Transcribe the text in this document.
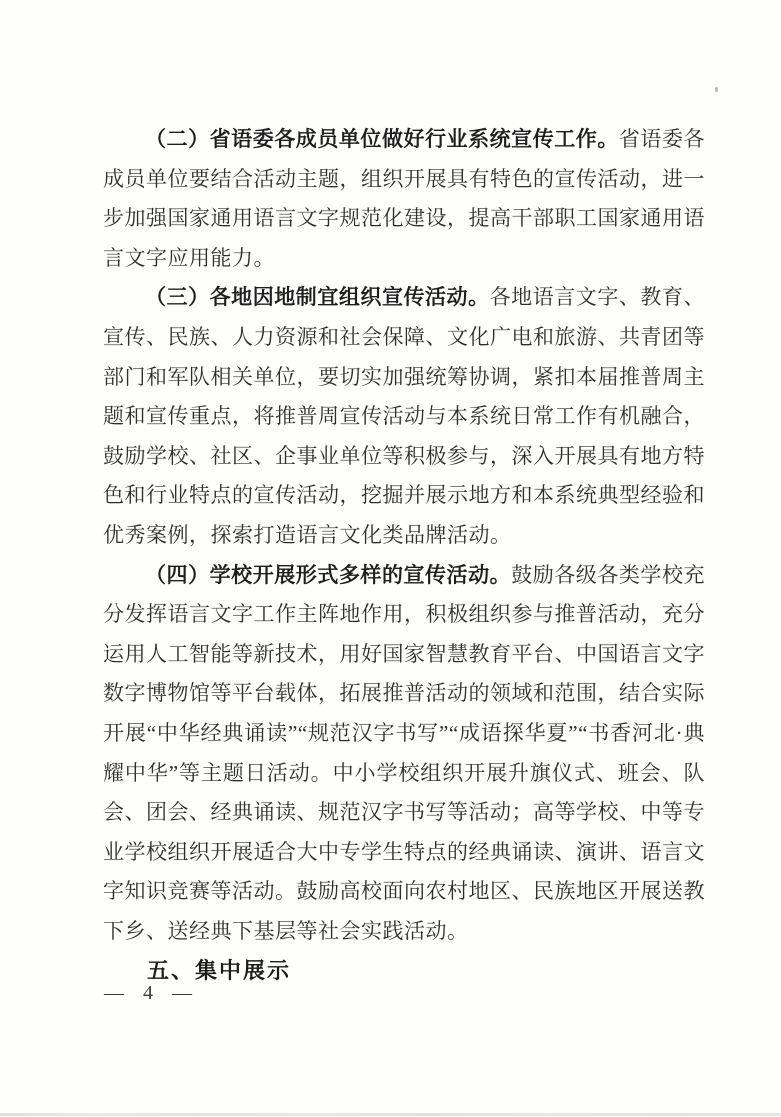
（二）省语委各成员单位做好行业系统宣传工作。省语委各成员单位要结合活动主题，组织开展具有特色的宣传活动，进一步加强国家通用语言文字规范化建设，提高干部职工国家通用语言文字应用能力。

（三）各地因地制宜组织宣传活动。各地语言文字、教育、宣传、民族、人力资源和社会保障、文化广电和旅游、共青团等部门和军队相关单位，要切实加强统筹协调，紧扣本届推普周主题和宣传重点，将推普周宣传活动与本系统日常工作有机融合，鼓励学校、社区、企事业单位等积极参与，深入开展具有地方特色和行业特点的宣传活动，挖掘并展示地方和本系统典型经验和优秀案例，探索打造语言文化类品牌活动。

（四）学校开展形式多样的宣传活动。鼓励各级各类学校充分发挥语言文字工作主阵地作用，积极组织参与推普活动，充分运用人工智能等新技术，用好国家智慧教育平台、中国语言文字数字博物馆等平台载体，拓展推普活动的领域和范围，结合实际开展“中华经典诵读”“规范汉字书写”“成语探华夏”“书香河北·典耀中华”等主题日活动。中小学校组织开展升旗仪式、班会、队会、团会、经典诵读、规范汉字书写等活动；高等学校、中等专业学校组织开展适合大中专学生特点的经典诵读、演讲、语言文字知识竞赛等活动。鼓励高校面向农村地区、民族地区开展送教下乡、送经典下基层等社会实践活动。

五、集中展示
— 4 —
